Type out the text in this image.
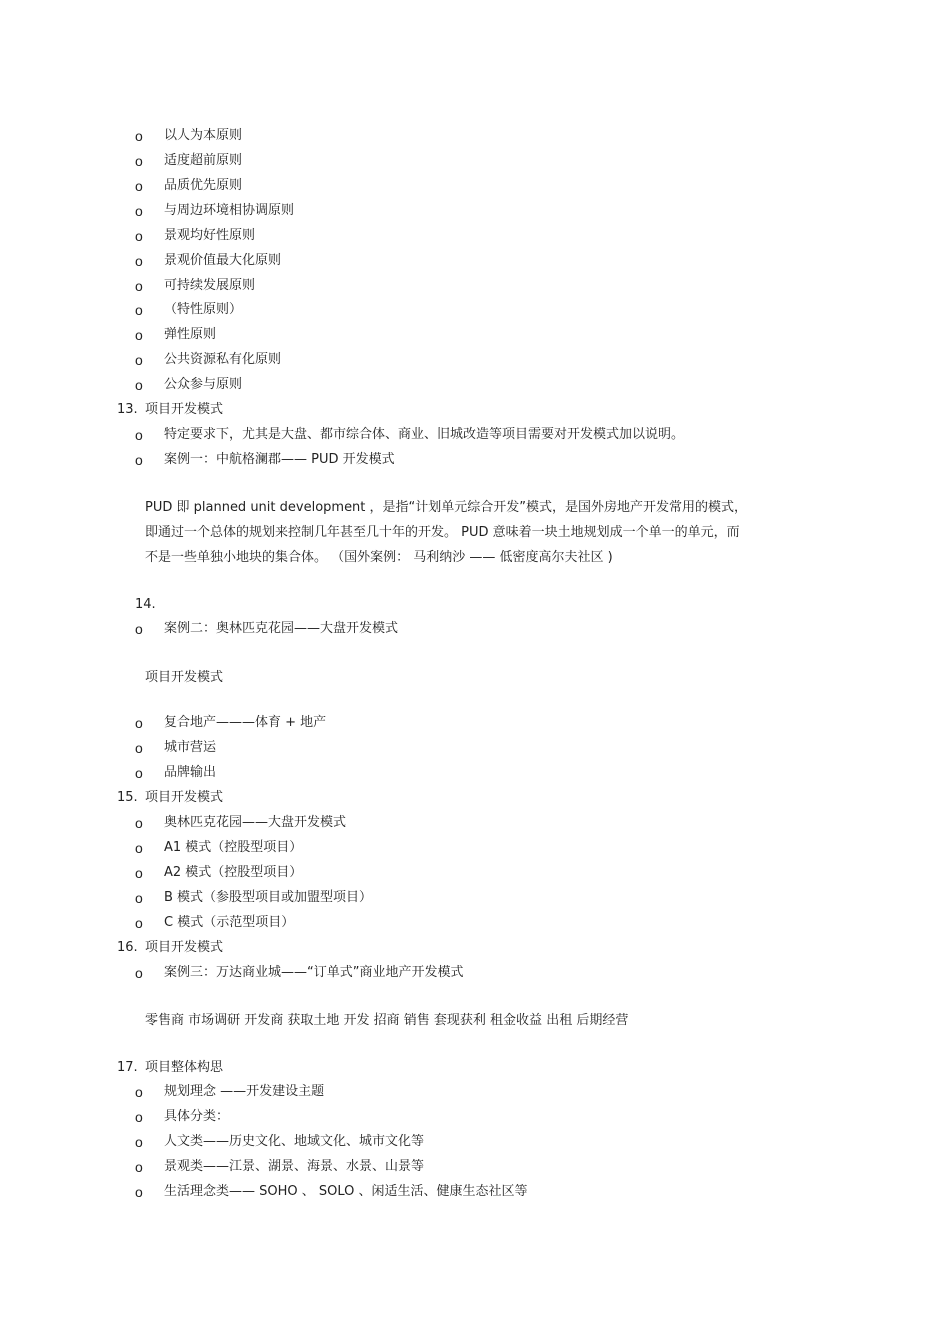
o	以人为本原则
o	适度超前原则
o	品质优先原则
o	与周边环境相协调原则
o	景观均好性原则
o	景观价值最大化原则
o	可持续发展原则
o	（特性原则）
o	弹性原则
o	公共资源私有化原则
o	公众参与原则
13. 项目开发模式
o	特定要求下，尤其是大盘、都市综合体、商业、旧城改造等项目需要对开发模式加以说明。
o	案例一：中航格澜郡—— PUD 开发模式
PUD 即 planned unit development ，是指“计划单元综合开发”模式，是国外房地产开发常用的模式，
即通过一个总体的规划来控制几年甚至几十年的开发。 PUD 意味着一块土地规划成一个单一的单元，而
不是一些单独小地块的集合体。 （国外案例： 马利纳沙 —— 低密度高尔夫社区 )
14.
o	案例二：奥林匹克花园——大盘开发模式
项目开发模式
o	复合地产———体育 + 地产
o	城市营运
o	品牌输出
15. 项目开发模式
o	奥林匹克花园——大盘开发模式
o	A1 模式（控股型项目）
o	A2 模式（控股型项目）
o	B 模式（参股型项目或加盟型项目）
o	C 模式（示范型项目）
16. 项目开发模式
o	案例三：万达商业城——“订单式”商业地产开发模式
零售商 市场调研 开发商 获取土地 开发 招商 销售 套现获利 租金收益 出租 后期经营
17. 项目整体构思
o	规划理念 ——开发建设主题
o	具体分类：
o	人文类——历史文化、地域文化、城市文化等
o	景观类——江景、湖景、海景、水景、山景等
o	生活理念类—— SOHO 、 SOLO 、闲适生活、健康生态社区等
